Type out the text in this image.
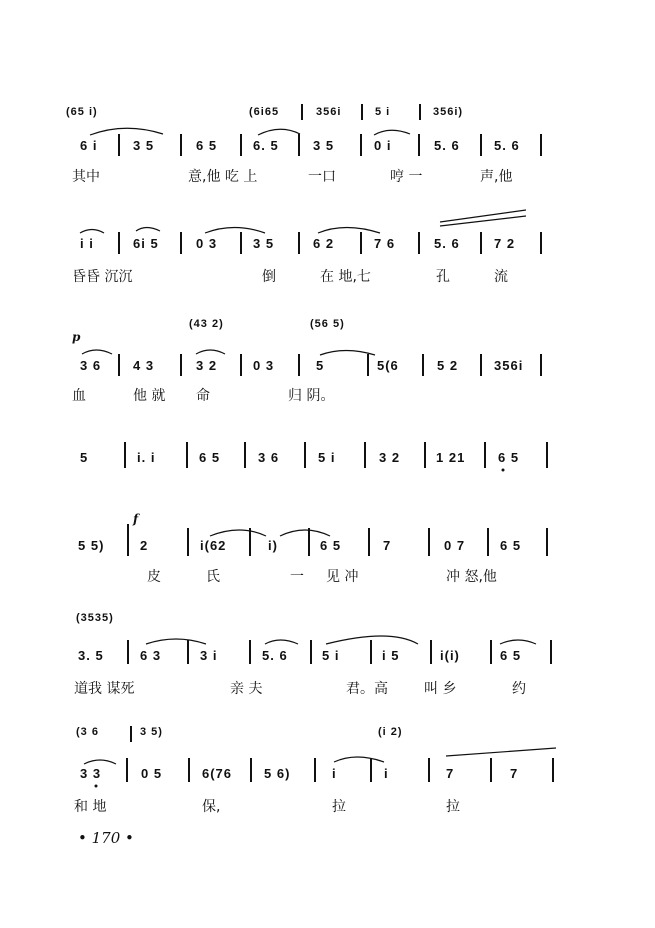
(65 i)	(6i65	356i	5 i	356i)
6 i	3 5	6 5	6. 5	3 5	0 i	5. 6	5. 6
其中	意,他 吃 上	一口	哼 一	声,他
i i	6i 5	0 3	3 5	6 2	7 6	5. 6	7 2
昏昏 沉沉	倒	在 地,七	孔	流
p
(43 2)	(56 5)
3 6 4 3	3 2	0 3	5	5(6	5 2	356i
血	他 就 命	归 阴。
5	i. i	6 5	3 6	5 i	3 2	1 21	6 5
f
5 5)	2	i(62	i)	6 5	7	0 7	6 5
皮	氏	一 见 冲	冲 怒,他
(3535)
3. 5	6 3	3 i	5. 6	5 i	i 5	i(i)	6 5
道我 谋死	亲 夫	君。高	叫 乡	约
(3 6	3 5)	(i 2)
3 3	0 5	6(76 5 6)	i	i	7	7
和 地	保,	拉	拉
• 170 •
